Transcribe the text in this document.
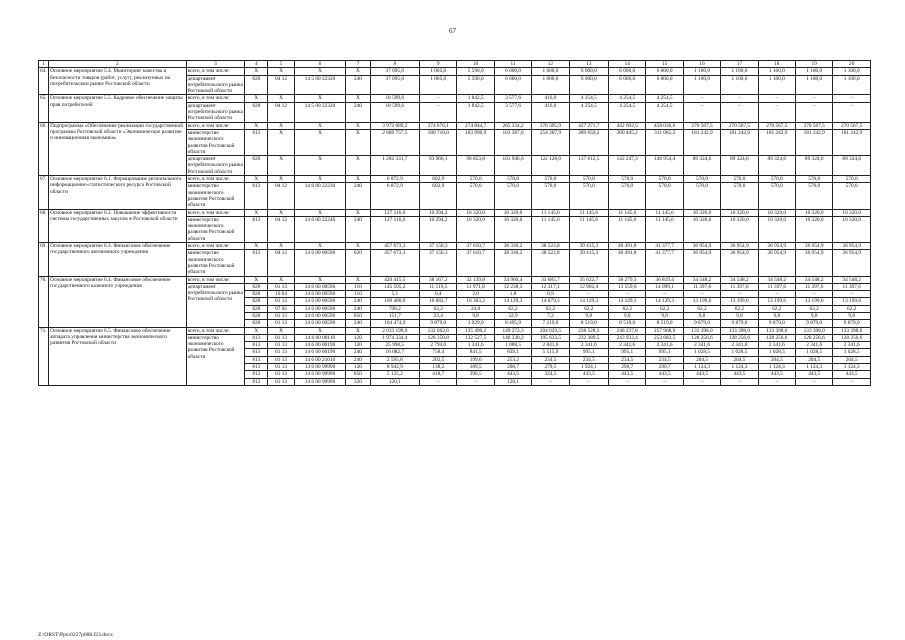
67
1	2	3	4	5	6	7	8	9	10	11	12	13	14	15	16	17	18	19	20
64.	Основное мероприятие 5.4. Мониторинг качества и безопасности товаров (работ, услуг), реализуемых на потребительском рынке Ростовской области	всего, в том числе:	Х	Х	Х	Х	37 095,0	1 005,0	5 590,0	6 000,0	1 000,0	6 000,0	6 000,0	6 000,0	1 100,0	1 100,0	1 100,0	1 100,0	1 100,0
		департамент потребительского рынка Ростовской области	828	04 12	14 5 00 22320	240	37 095,0	1 005,0	5 590,0	6 000,0	1 000,0	6 000,0	6 000,0	6 000,0	1 100,0	1 100,0	1 100,0	1 100,0	1 100,0
65.	Основное мероприятие 5.5. Кадровое обеспечение защиты прав потребителей	всего, в том числе:	Х	Х	Х	Х	18 599,6	–	1 842,5	3 577,6	416,0	4 254,5	4 254,5	4 254,5	–	–	–	–	–
		департамент потребительского рынка Ростовской области	828	04 12	14 5 00 22320	240	18 599,6	–	1 842,5	3 577,6	416,0	4 254,5	4 254,5	4 254,5	–	–	–	–	–
66.	Подпрограмма «Обеспечение реализации государственной программы Ростовской области «Экономическое развитие и инновационная экономика»	всего, в том числе:	Х	Х	Х	Х	3 972 089,2	274 676,1	274 844,7	265 334,2	376 395,9	427 271,7	442 692,5	458 036,6	270 567,5	270 567,5	270 567,5	270 567,5	270 567,5
		министерство экономического развития Ростовской области	813	Х	Х	Х	2 689 757,5	180 710,0	183 990,9	163 387,6	254 267,9	289 659,2	300 445,2	311 082,2	181 242,9	181 242,9	181 242,9	181 242,9	181 242,9
		департамент потребительского рынка Ростовской области	828	Х	Х	Х	1 282 331,7	93 966,1	90 853,8	101 946,6	122 128,0	137 612,5	142 247,3	146 954,4	89 324,6	89 324,6	89 324,6	89 324,6	89 324,6
67.	Основное мероприятие 6.1. Формирование регионального информационно-статистического ресурса Ростовской области	всего, в том числе:	Х	Х	Х	Х	6 872,9	602,9	570,0	570,0	570,0	570,0	570,0	570,0	570,0	570,0	570,0	570,0	570,0
		министерство экономического развития Ростовской области	813	04 12	14 6 00 22230	240	6 872,9	602,9	570,0	570,0	570,0	570,0	570,0	570,0	570,0	570,0	570,0	570,0	570,0
68.	Основное мероприятие 6.2. Повышение эффективности системы государственных закупок в Ростовской области	всего, в том числе:	Х	Х	Х	Х	127 116,6	10 294,2	10 320,0	10 320,0	11 145,6	11 145,6	11 145,6	11 145,6	10 320,0	10 320,0	10 320,0	10 320,0	10 320,0
		министерство экономического развития Ростовской области	813	04 12	14 6 00 22240	240	127 116,6	10 294,2	10 320,0	10 320,0	11 145,6	11 145,6	11 145,6	11 145,6	10 320,0	10 320,0	10 320,0	10 320,0	10 320,0
69	Основное мероприятие 6.3. Финансовое обеспечение государственного автономного учреждения	всего, в том числе:	Х	Х	Х	Х	457 673,3	37 150,3	37 610,7	38 330,2	38 522,8	39 415,3	40 491,8	41 377,7	36 954,9	36 954,9	36 954,9	36 954,9	36 954,9
		министерство экономического развития Ростовской области	813	04 12	14 6 00 00590	620	457 673,3	37 150,3	37 610,7	38 330,2	38 522,8	39 415,3	40 491,8	41 377,7	36 954,9	36 954,9	36 954,9	36 954,9	36 954,9
70.	Основное мероприятие 6.4. Финансовое обеспечение государственного казенного учреждения	всего, в том числе:	Х	Х	Х	Х	420 415,5	38 167,2	32 139,8	34 960,4	33 685,7	35 622,7	36 279,3	36 819,4	34 548,2	34 548,2	34 548,2	34 548,2	34 548,2
		департамент потребительского рынка Ростовской области	828	01 13	14 6 00 00590	110	145 595,2	11 519,5	11 971,8	12 238,3	12 317,1	12 902,4	13 559,0	14 099,1	11 397,6	11 397,6	11 397,6	11 397,6	11 397,6
			828	10 04	14 6 00 00590	110	5,1	0,4	2,0	1,8	0,9	–	–	–	–	–	–	–	–
			828	01 13	14 6 00 00590	240	169 480,6	16 682,7	16 303,2	14 129,3	14 079,3	14 129,3	14 129,3	14 129,3	13 199,6	13 199,6	13 199,6	13 199,6	13 199,6
			828	07 05	14 6 00 00590	240	708,2	62,2	24,0	62,2	62,2	62,2	62,2	62,2	62,2	62,2	62,2	62,2	62,2
			828	01 13	14 6 00 00590	850	151,7	23,4	9,8	32,9	7,2	9,8	9,8	9,8	9,8	9,8	9,8	9,8	9,8
			828	01 13	14 6 00 00590	240	104 474,9	9 879,0	3 929,0	8 495,9	7 219,0	8 519,0	8 519,0	8 519,0	9 879,0	9 879,0	9 879,0	9 879,0	9 879,0
71.	Основное мероприятие 6.5. Финансовое обеспечение аппарата управления министерства экономического развития Ростовской области	всего, в том числе:	Х	Х	Х	Х	2 033 199,6	132 662,6	135 490,2	149 272,3	204 029,5	238 528,3	248 237,8	257 968,9	133 398,0	133 398,0	133 398,0	133 398,0	133 398,0
		министерство экономического развития Ростовской области	813	01 13	14 6 00 00110	120	1 974 334,4	128 350,8	132 527,5	146 330,2	195 633,5	232 389,5	243 932,4	253 683,5	128 256,6	128 256,6	128 256,6	128 256,6	128 256,6
			813	01 13	14 6 00 00190	120	25 998,5	2 794,0	1 341,6	1 088,5	2 841,6	2 341,6	2 341,6	2 341,6	2 341,6	2 341,6	2 341,6	2 341,6	2 341,6
			813	01 13	14 6 00 00190	240	16 082,7	758,4	841,5	839,1	5 515,9	995,1	995,1	995,1	1 028,5	1 028,5	1 028,5	1 028,5	1 028,5
			813	01 13	14 6 00 21010	240	2 595,8	202,5	199,6	253,2	234,5	234,5	234,5	234,5	204,5	204,5	204,5	204,5	204,5
			813	01 13	14 6 00 99990	120	8 942,9	138,2	189,5	208,7	279,5	1 924,1	290,7	290,7	1 124,3	1 124,3	1 124,3	1 124,3	1 124,3
			813	01 13	14 6 00 99990	850	5 125,2	418,7	390,5	443,5	324,5	443,5	443,5	443,5	443,5	443,5	443,5	443,5	443,5
			813	01 13	14 6 00 99990	320	120,1	–	–	120,1	–	–	–	–	–	–	–	–	–
Z:\ORST\Ppo\0227p088.f23.docx
